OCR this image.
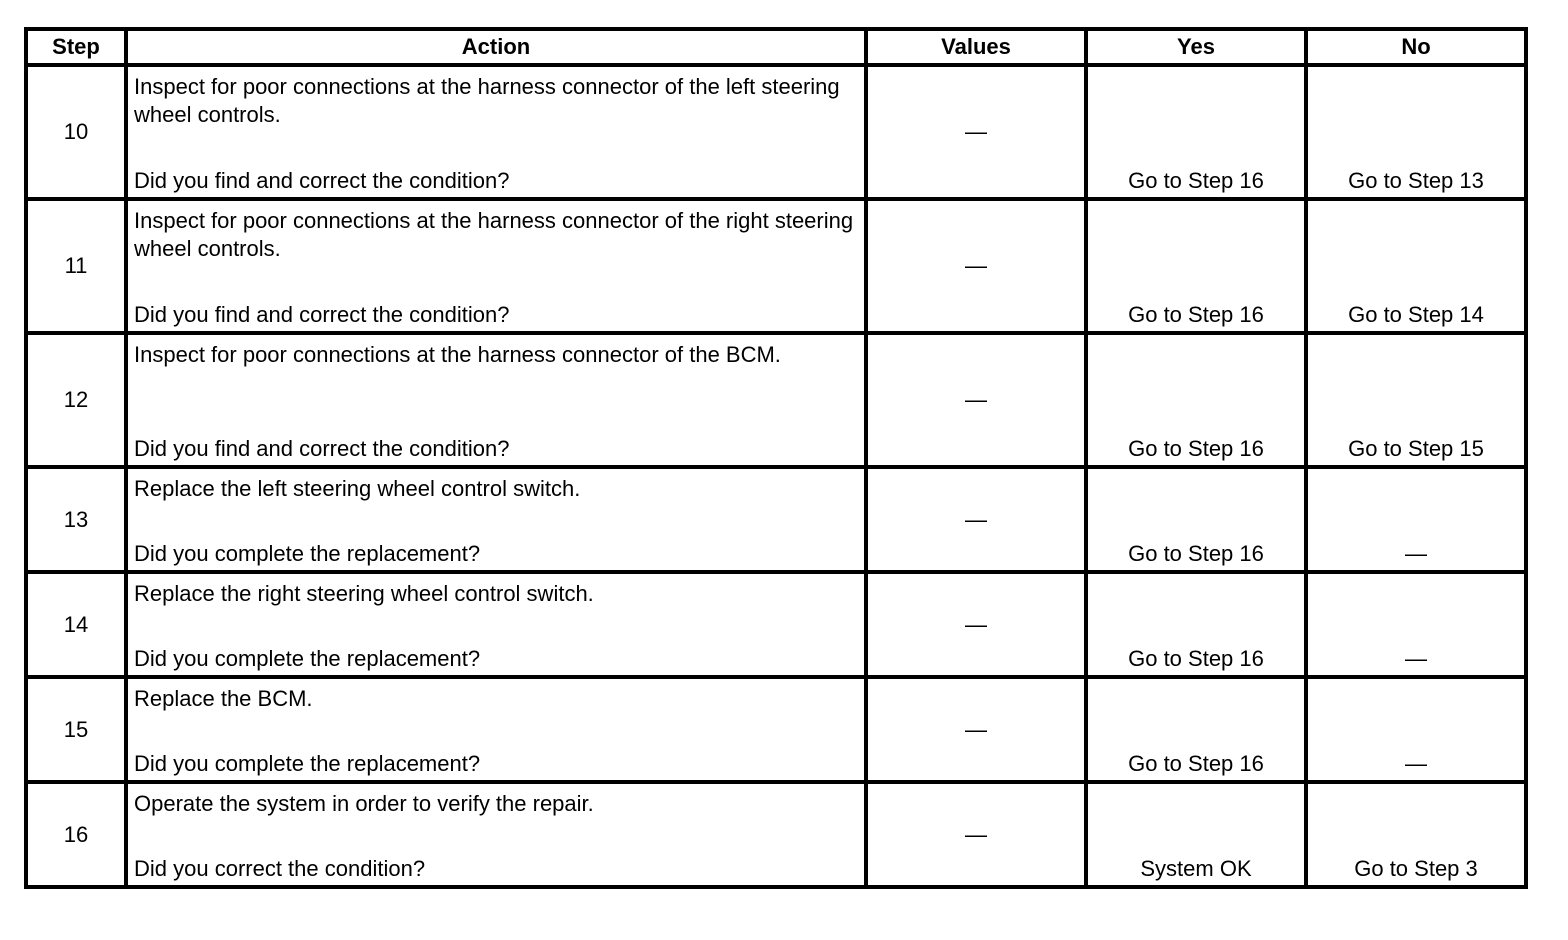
Step	Action	Values	Yes	No
10	Inspect for poor connections at the harness connector of the left steering wheel controls.
Did you find and correct the condition?	—	Go to Step 16	Go to Step 13

11	Inspect for poor connections at the harness connector of the right steering wheel controls.
Did you find and correct the condition?	—	Go to Step 16	Go to Step 14

12	Inspect for poor connections at the harness connector of the BCM.
Did you find and correct the condition?	—	Go to Step 16	Go to Step 15

13	Replace the left steering wheel control switch.
Did you complete the replacement?	—	Go to Step 16	—

14	Replace the right steering wheel control switch.
Did you complete the replacement?	—	Go to Step 16	—

15	Replace the BCM.
Did you complete the replacement?	—	Go to Step 16	—

16	Operate the system in order to verify the repair.
Did you correct the condition?	—	System OK	Go to Step 3
